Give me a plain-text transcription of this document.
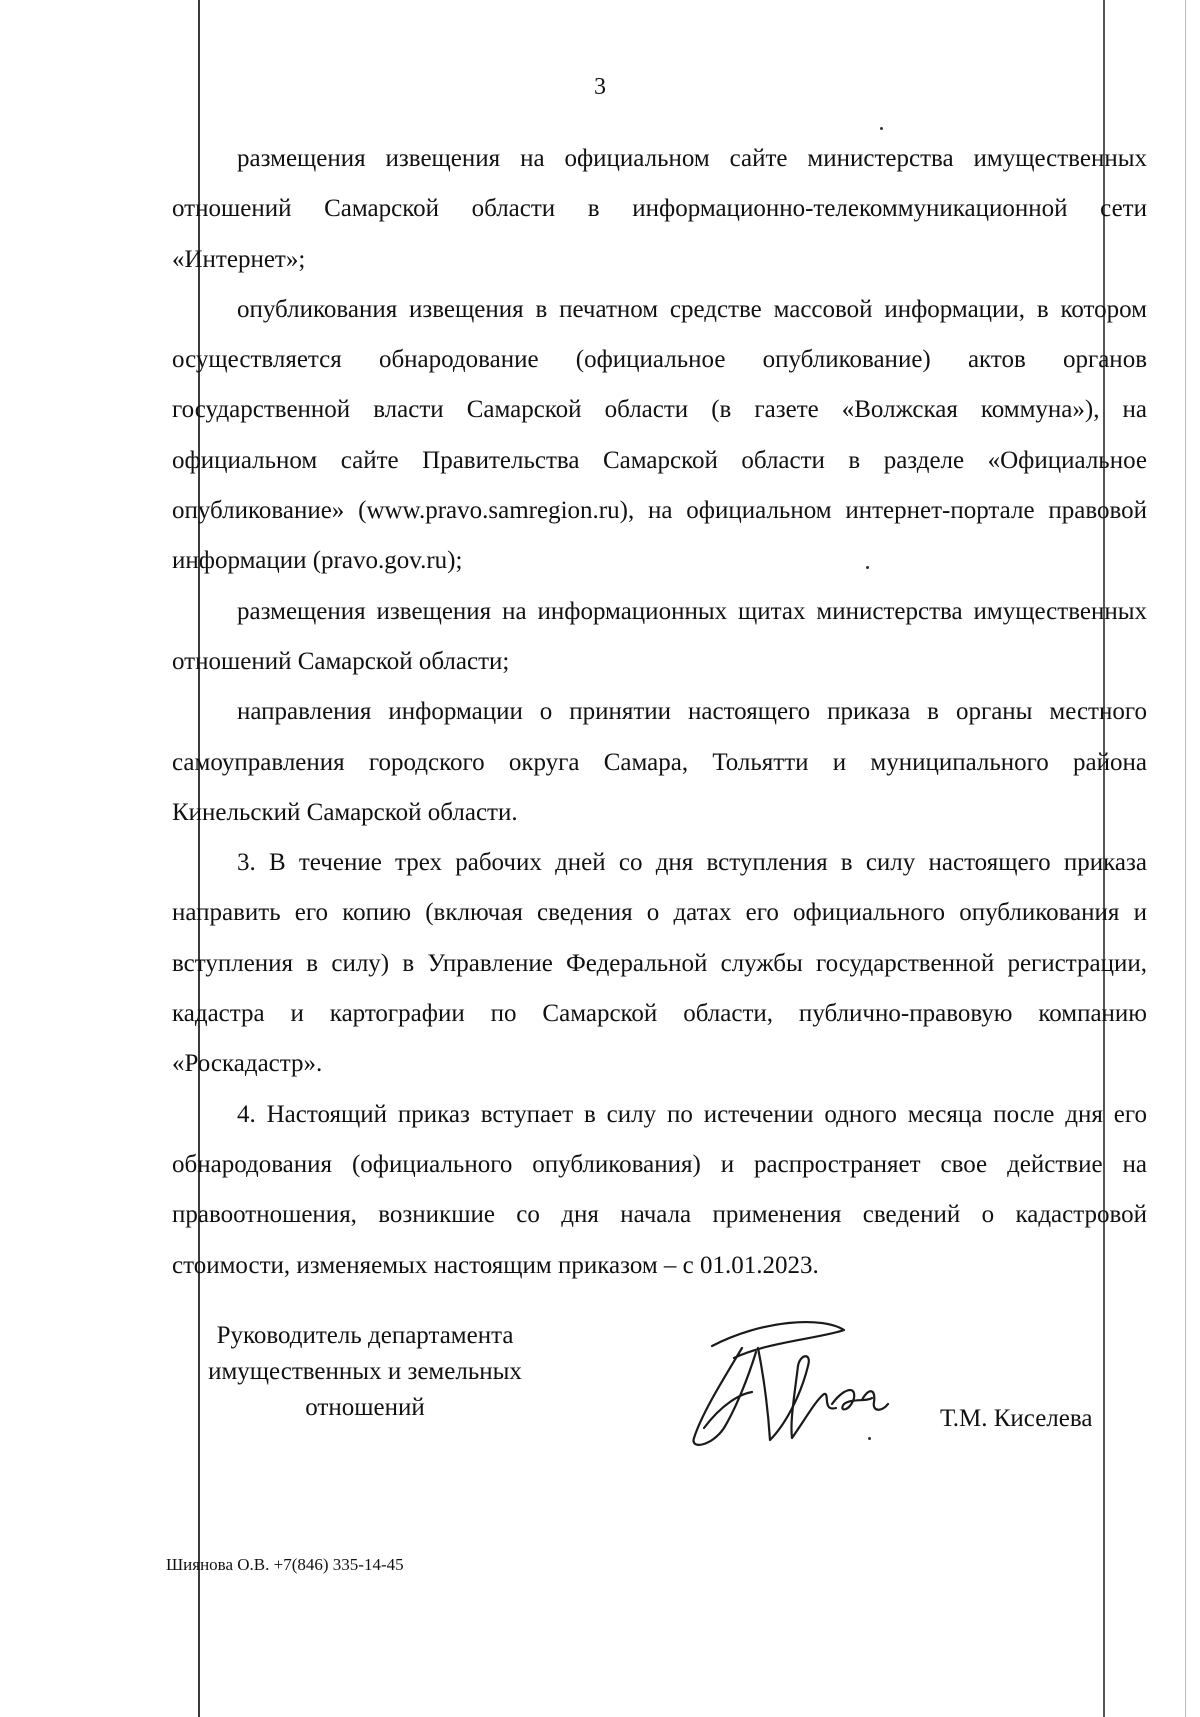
3

размещения извещения на официальном сайте министерства имущественных отношений Самарской области в информационно-телекоммуникационной сети «Интернет»;

опубликования извещения в печатном средстве массовой информации, в котором осуществляется обнародование (официальное опубликование) актов органов государственной власти Самарской области (в газете «Волжская коммуна»), на официальном сайте Правительства Самарской области в разделе «Официальное опубликование» (www.pravo.samregion.ru), на официальном интернет-портале правовой информации (pravo.gov.ru);

размещения извещения на информационных щитах министерства имущественных отношений Самарской области;

направления информации о принятии настоящего приказа в органы местного самоуправления городского округа Самара, Тольятти и муниципального района Кинельский Самарской области.

3. В течение трех рабочих дней со дня вступления в силу настоящего приказа направить его копию (включая сведения о датах его официального опубликования и вступления в силу) в Управление Федеральной службы государственной регистрации, кадастра и картографии по Самарской области, публично-правовую компанию «Роскадастр».

4. Настоящий приказ вступает в силу по истечении одного месяца после дня его обнародования (официального опубликования) и распространяет свое действие на правоотношения, возникшие со дня начала применения сведений о кадастровой стоимости, изменяемых настоящим приказом – с 01.01.2023.

Руководитель департамента
имущественных и земельных
отношений	Т.М. Киселева
Шиянова О.В. +7(846) 335-14-45
